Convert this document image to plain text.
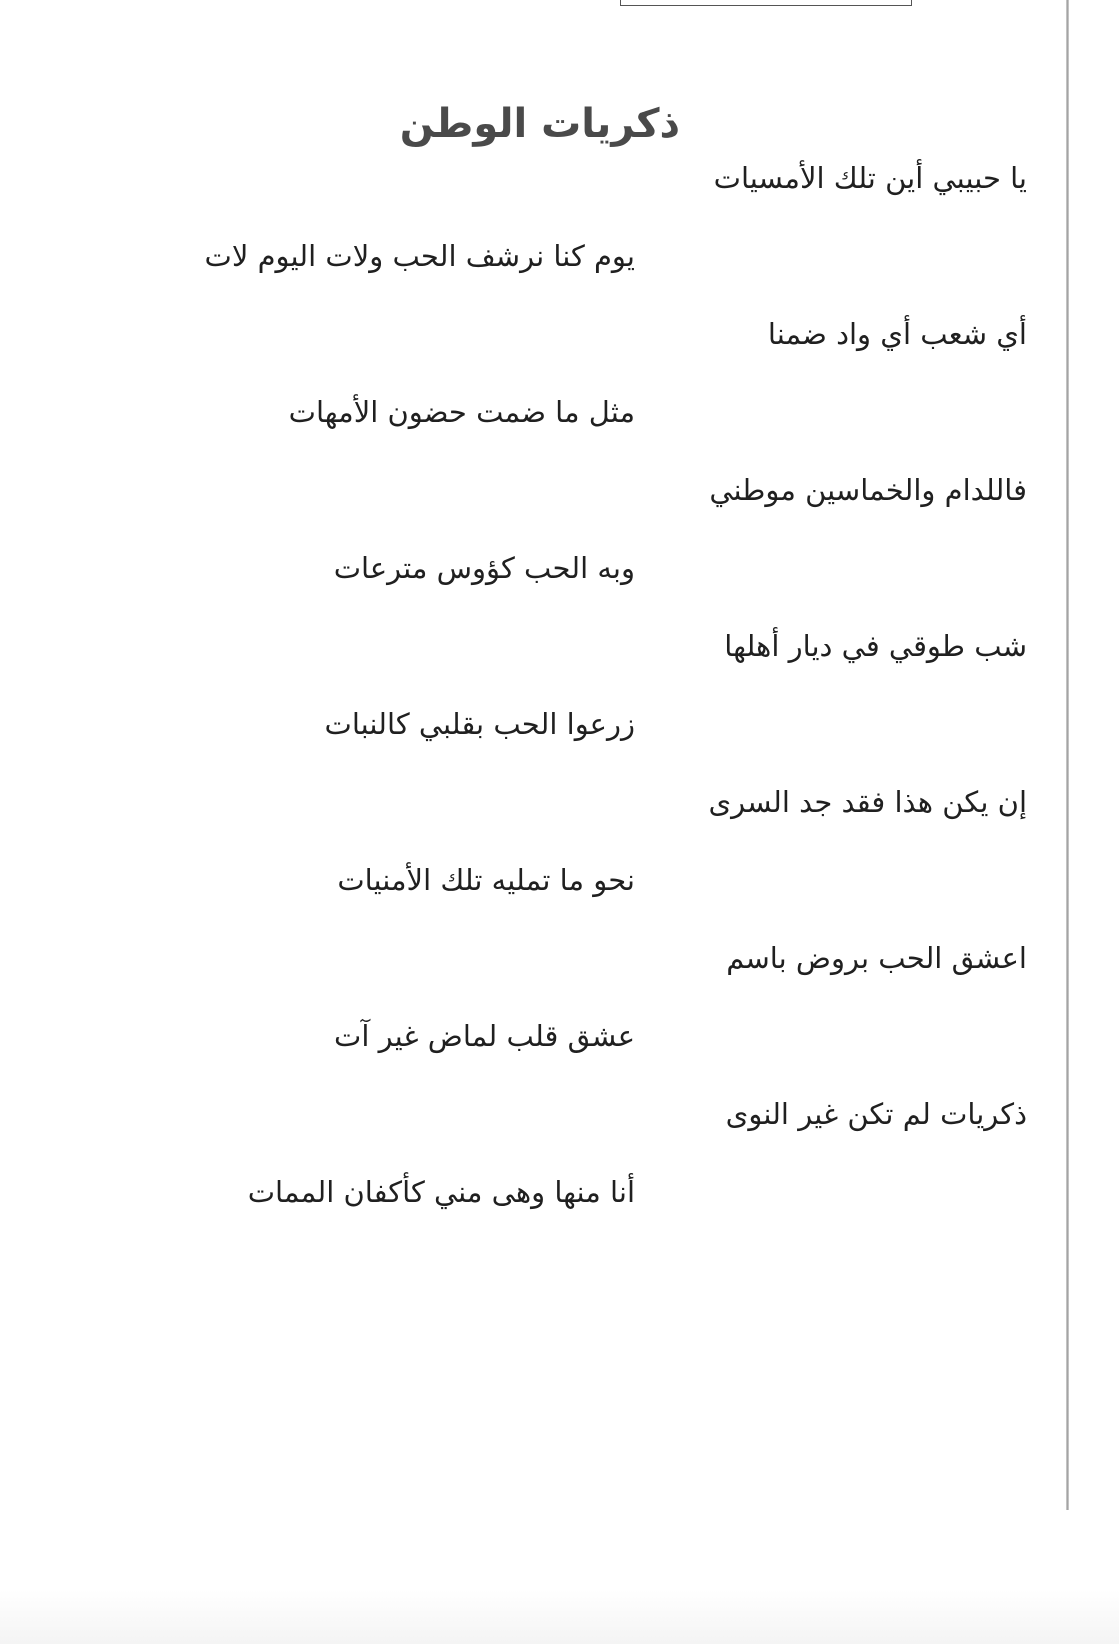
ذكريات الوطن
يا حبيبي أين تلك الأمسيات
يوم كنا نرشف الحب ولات اليوم لات
أي شعب أي واد ضمنا
مثل ما ضمت حضون الأمهات
فاللدام والخماسين موطني
وبه الحب كؤوس مترعات
شب طوقي في ديار أهلها
زرعوا الحب بقلبي كالنبات
إن يكن هذا فقد جد السرى
نحو ما تمليه تلك الأمنيات
اعشق الحب بروض باسم
عشق قلب لماض غير آت
ذكريات لم تكن غير النوى
أنا منها وهى مني كأكفان الممات
